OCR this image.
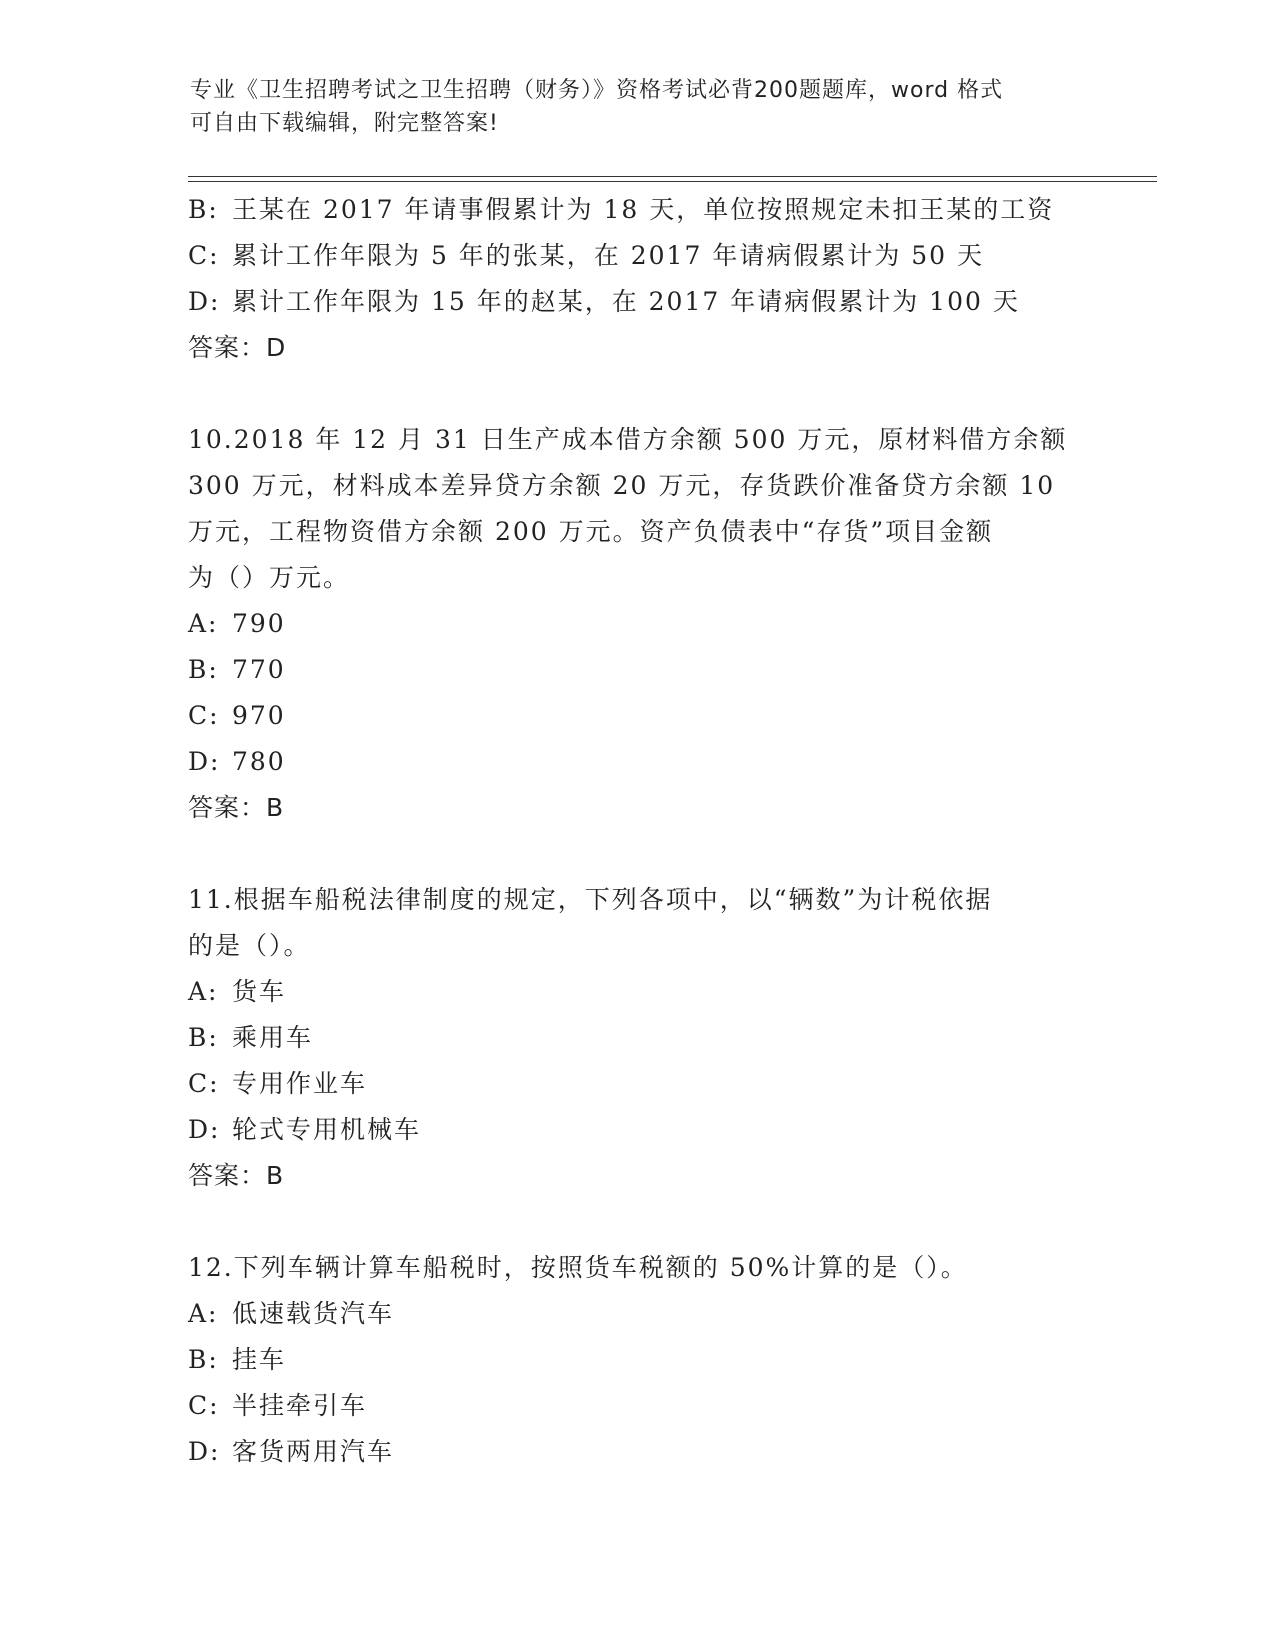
专业《卫生招聘考试之卫生招聘（财务）》资格考试必背200题题库，word 格式
可自由下载编辑，附完整答案!
B: 王某在 2017 年请事假累计为 18 天，单位按照规定未扣王某的工资
C: 累计工作年限为 5 年的张某，在 2017 年请病假累计为 50 天
D: 累计工作年限为 15 年的赵某，在 2017 年请病假累计为 100 天
答案：D
10.2018 年 12 月 31 日生产成本借方余额 500 万元，原材料借方余额
300 万元，材料成本差异贷方余额 20 万元，存货跌价准备贷方余额 10
万元，工程物资借方余额 200 万元。资产负债表中“存货”项目金额
为（）万元。
A: 790
B: 770
C: 970
D: 780
答案：B
11.根据车船税法律制度的规定，下列各项中，以“辆数”为计税依据
的是（）。
A: 货车
B: 乘用车
C: 专用作业车
D: 轮式专用机械车
答案：B
12.下列车辆计算车船税时，按照货车税额的 50%计算的是（）。
A: 低速载货汽车
B: 挂车
C: 半挂牵引车
D: 客货两用汽车
